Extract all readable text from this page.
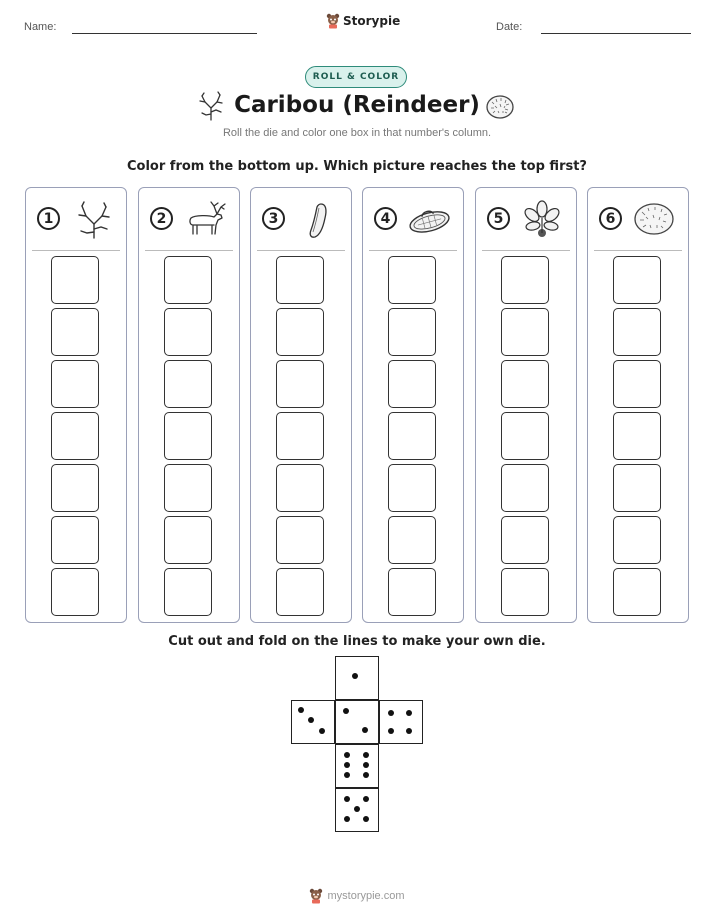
Name:	Storypie	Date:
ROLL & COLOR
Caribou (Reindeer)
Roll the die and color one box in that number's column.
Color from the bottom up. Which picture reaches the top first?
1	2	3	4	5	6
Cut out and fold on the lines to make your own die.
mystorypie.com
